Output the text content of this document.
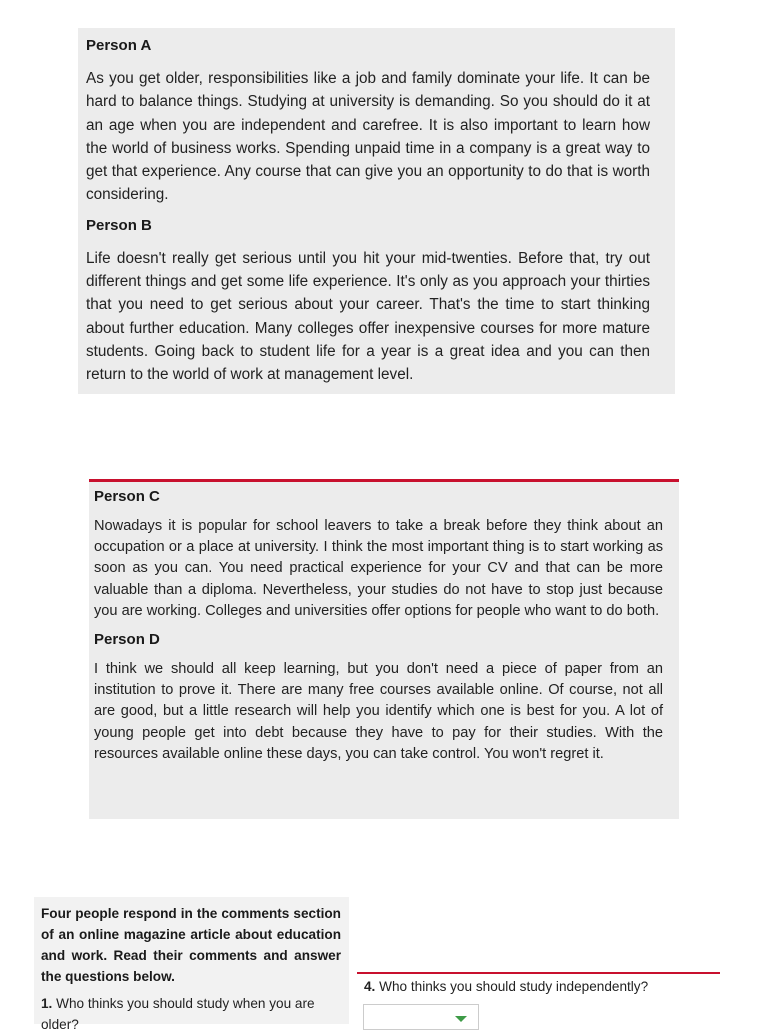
Person A

As you get older, responsibilities like a job and family dominate your life. It can be hard to balance things. Studying at university is demanding. So you should do it at an age when you are independent and carefree. It is also important to learn how the world of business works. Spending unpaid time in a company is a great way to get that experience. Any course that can give you an opportunity to do that is worth considering.

Person B

Life doesn't really get serious until you hit your mid-twenties. Before that, try out different things and get some life experience. It's only as you approach your thirties that you need to get serious about your career. That's the time to start thinking about further education. Many colleges offer inexpensive courses for more mature students. Going back to student life for a year is a great idea and you can then return to the world of work at management level.

Person C

Nowadays it is popular for school leavers to take a break before they think about an occupation or a place at university. I think the most important thing is to start working as soon as you can. You need practical experience for your CV and that can be more valuable than a diploma. Nevertheless, your studies do not have to stop just because you are working. Colleges and universities offer options for people who want to do both.

Person D

I think we should all keep learning, but you don't need a piece of paper from an institution to prove it. There are many free courses available online. Of course, not all are good, but a little research will help you identify which one is best for you. A lot of young people get into debt because they have to pay for their studies. With the resources available online these days, you can take control. You won't regret it.

Four people respond in the comments section of an online magazine article about education and work. Read their comments and answer the questions below.

1. Who thinks you should study when you are older?

4. Who thinks you should study independently?
